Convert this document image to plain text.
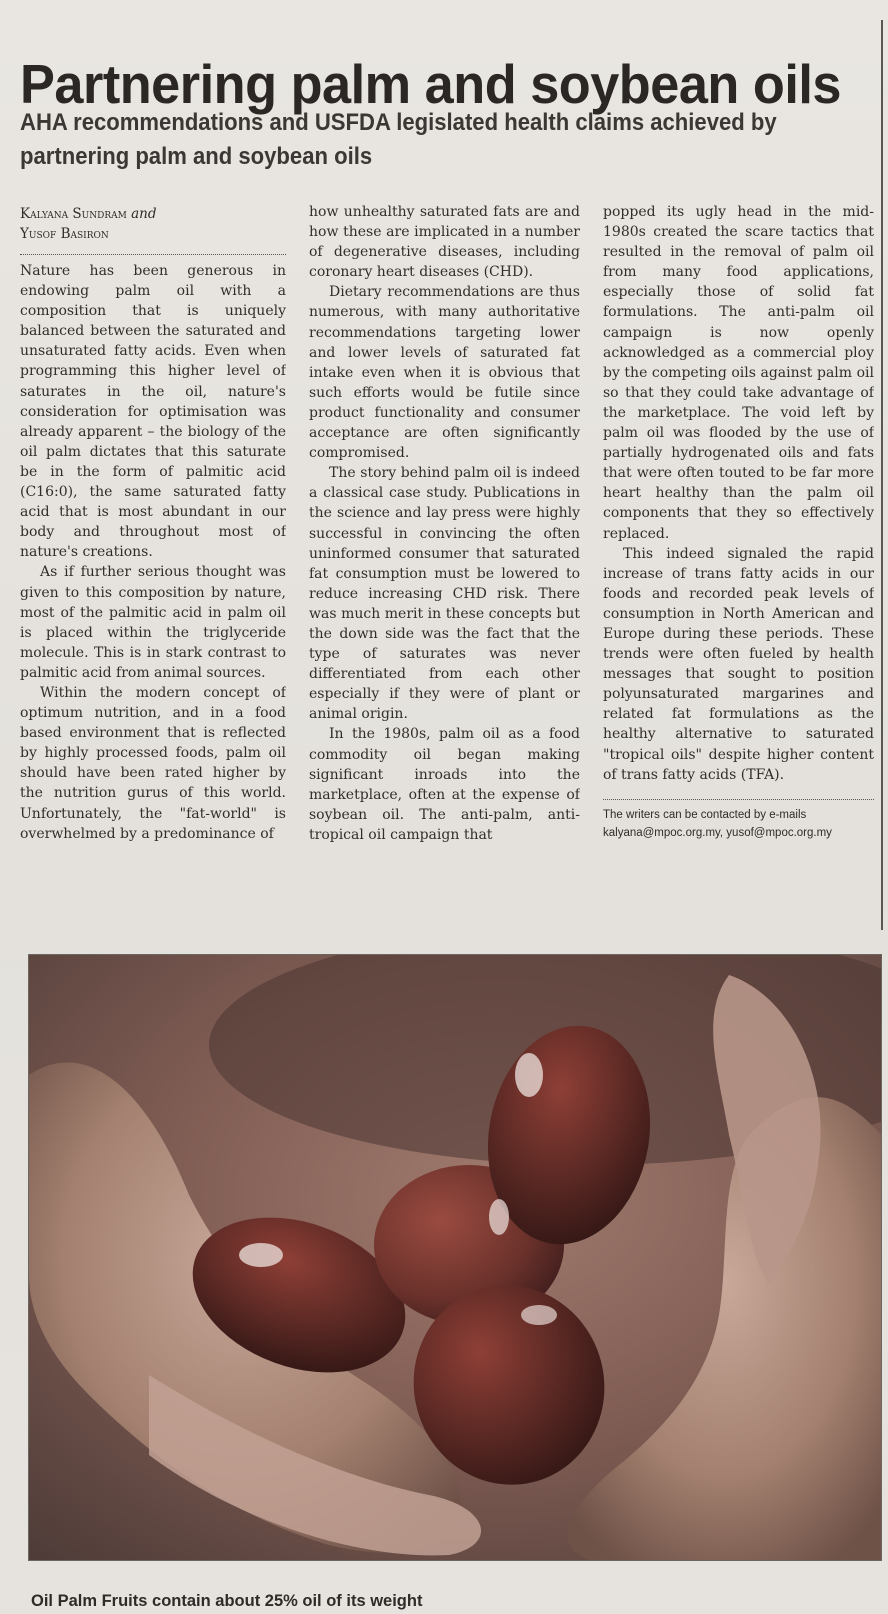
Partnering palm and soybean oils
AHA recommendations and USFDA legislated health claims achieved by partnering palm and soybean oils
Kalyana Sundram and
Yusof Basiron

Nature has been generous in endowing palm oil with a composition that is uniquely balanced between the saturated and unsaturated fatty acids. Even when programming this higher level of saturates in the oil, nature's consideration for optimisation was already apparent – the biology of the oil palm dictates that this saturate be in the form of palmitic acid (C16:0), the same saturated fatty acid that is most abundant in our body and throughout most of nature's creations.

As if further serious thought was given to this composition by nature, most of the palmitic acid in palm oil is placed within the triglyceride molecule. This is in stark contrast to palmitic acid from animal sources.

Within the modern concept of optimum nutrition, and in a food based environment that is reflected by highly processed foods, palm oil should have been rated higher by the nutrition gurus of this world. Unfortunately, the "fat-world" is overwhelmed by a predominance of

how unhealthy saturated fats are and how these are implicated in a number of degenerative diseases, including coronary heart diseases (CHD).

Dietary recommendations are thus numerous, with many authoritative recommendations targeting lower and lower levels of saturated fat intake even when it is obvious that such efforts would be futile since product functionality and consumer acceptance are often significantly compromised.

The story behind palm oil is indeed a classical case study. Publications in the science and lay press were highly successful in convincing the often uninformed consumer that saturated fat consumption must be lowered to reduce increasing CHD risk. There was much merit in these concepts but the down side was the fact that the type of saturates was never differentiated from each other especially if they were of plant or animal origin.

In the 1980s, palm oil as a food commodity oil began making significant inroads into the marketplace, often at the expense of soybean oil. The anti-palm, anti-tropical oil campaign that

popped its ugly head in the mid-1980s created the scare tactics that resulted in the removal of palm oil from many food applications, especially those of solid fat formulations. The anti-palm oil campaign is now openly acknowledged as a commercial ploy by the competing oils against palm oil so that they could take advantage of the marketplace. The void left by palm oil was flooded by the use of partially hydrogenated oils and fats that were often touted to be far more heart healthy than the palm oil components that they so effectively replaced.

This indeed signaled the rapid increase of trans fatty acids in our foods and recorded peak levels of consumption in North American and Europe during these periods. These trends were often fueled by health messages that sought to position polyunsaturated margarines and related fat formulations as the healthy alternative to saturated "tropical oils" despite higher content of trans fatty acids (TFA).

The writers can be contacted by e-mails
kalyana@mpoc.org.my, yusof@mpoc.org.my
Oil Palm Fruits contain about 25% oil of its weight
